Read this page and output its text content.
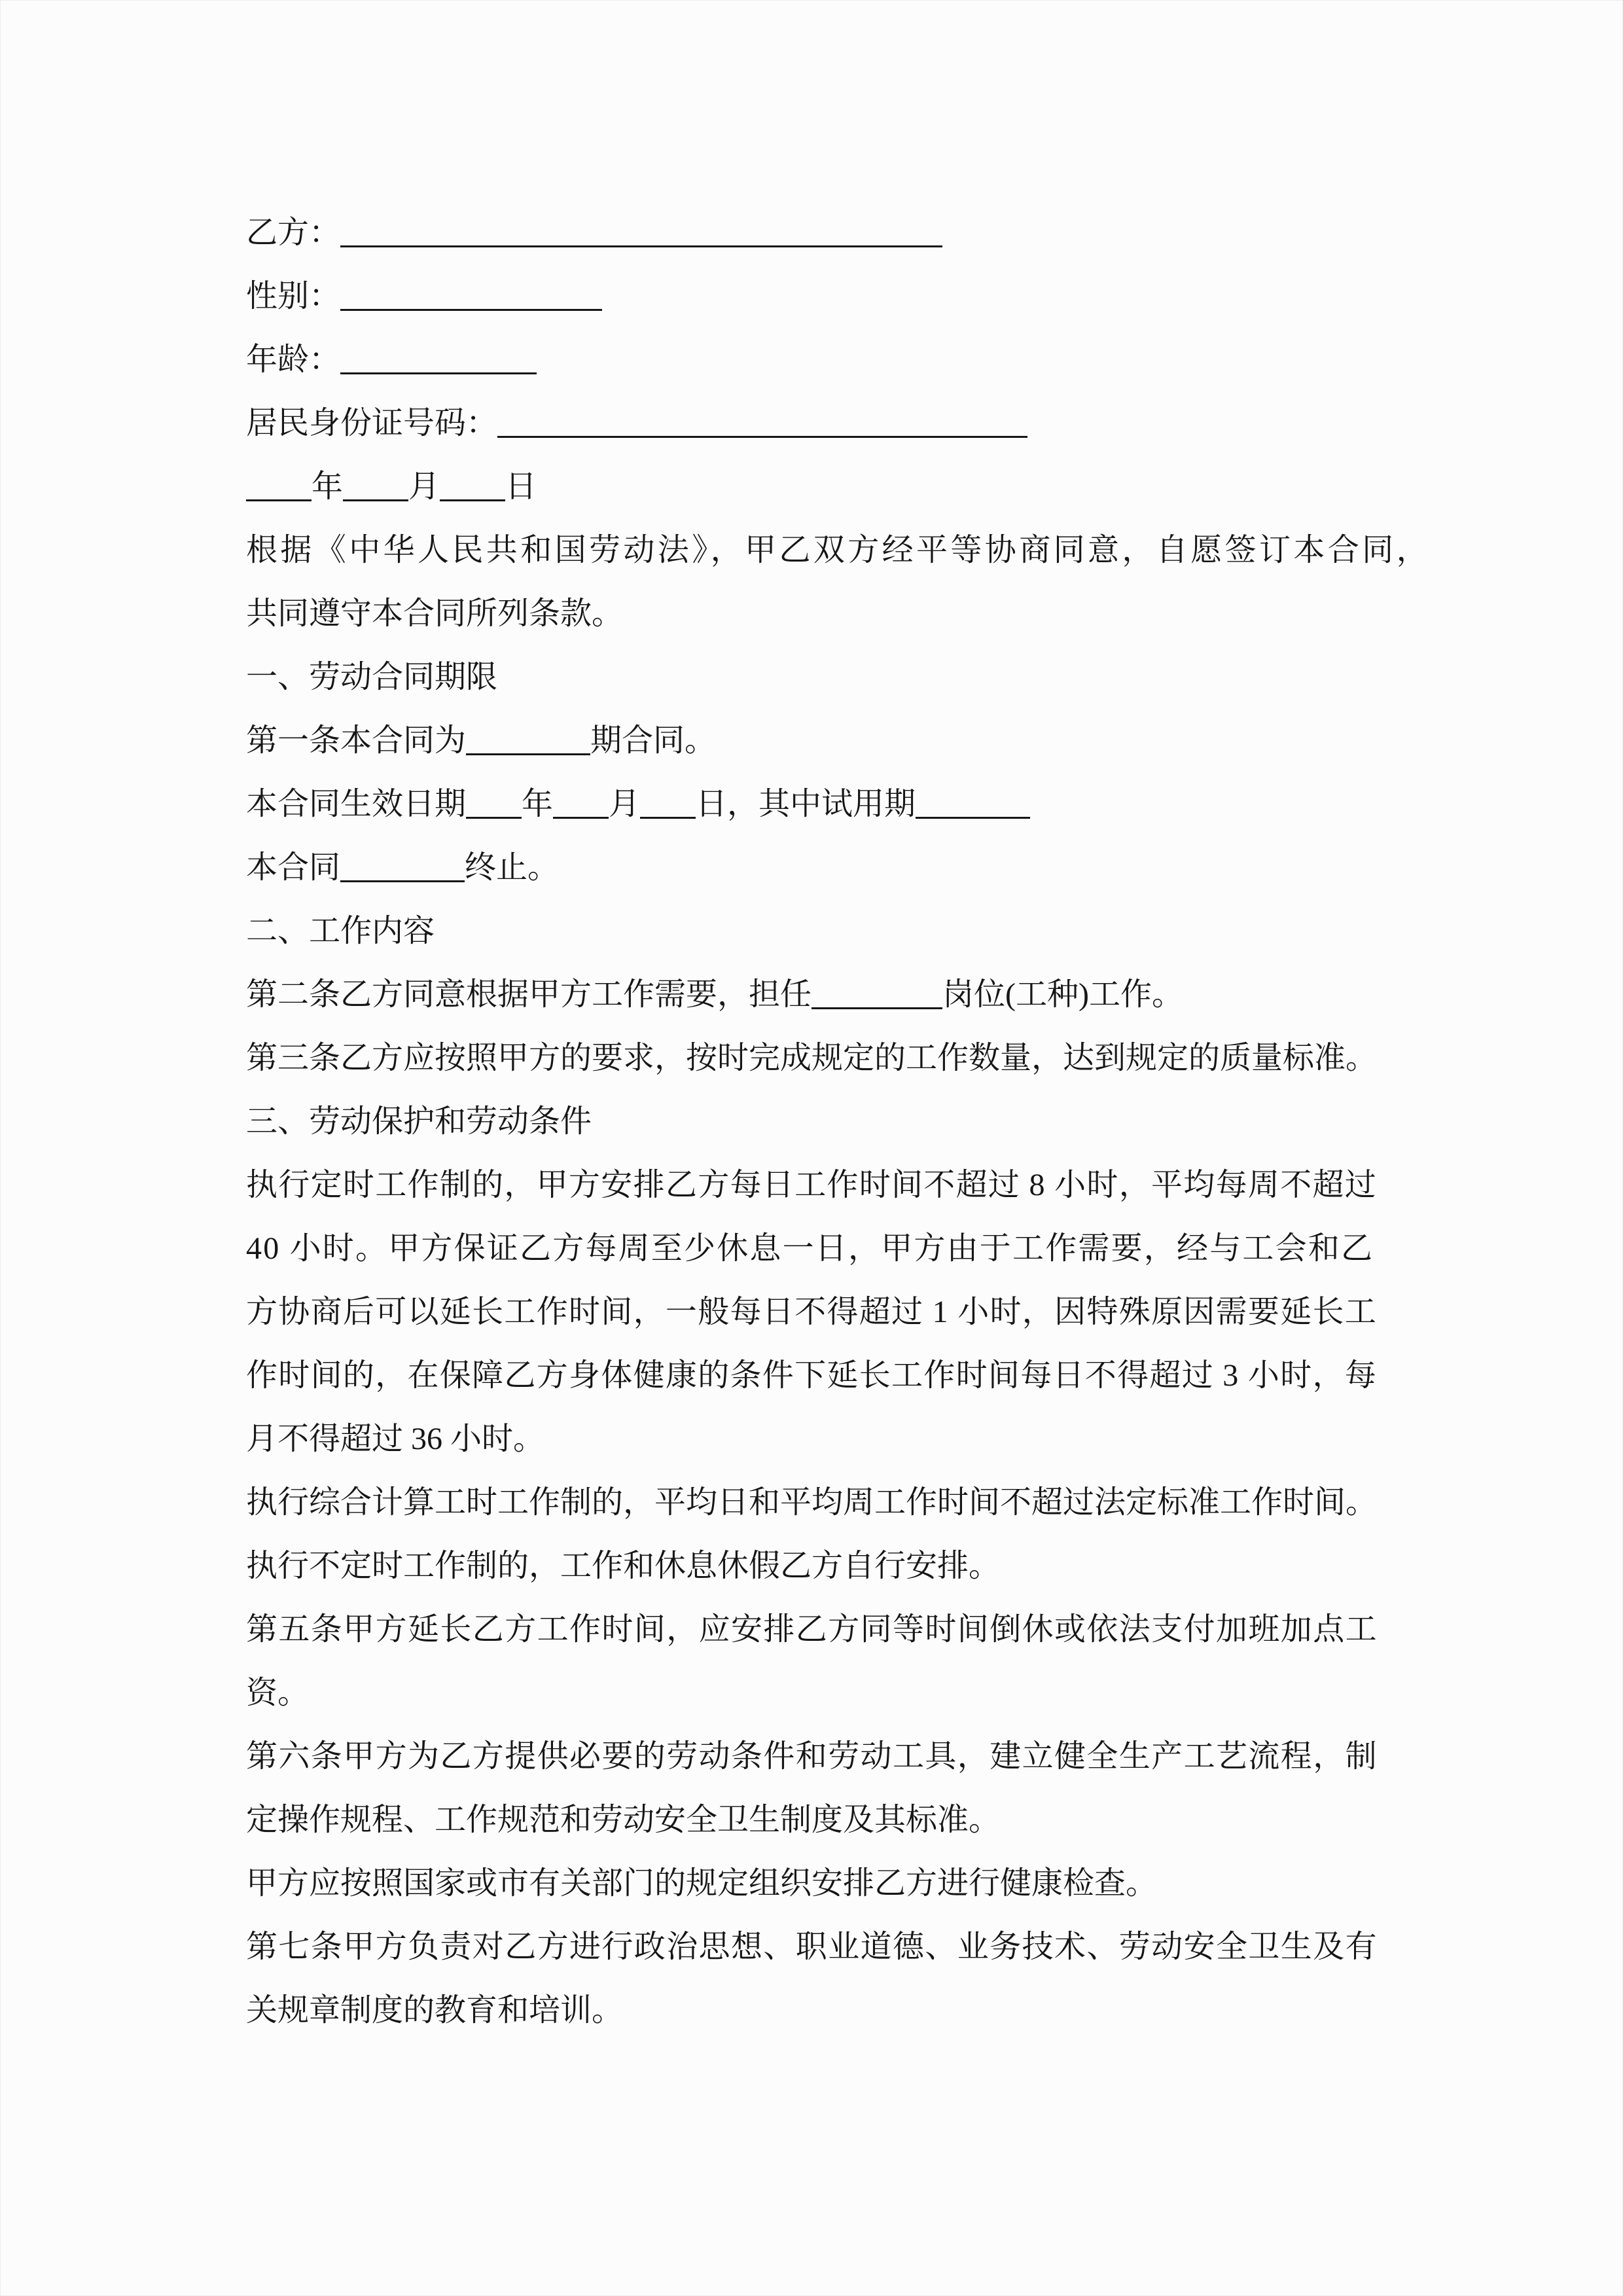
乙方：
性别：
年龄：
居民身份证号码：
年 月 日
根据《中华人民共和国劳动法》，甲乙双方经平等协商同意，自愿签订本合同，
共同遵守本合同所列条款。
一、劳动合同期限
第一条本合同为	期合同。
本合同生效日期 年 月 日，其中试用期
本合同	终止。
二、工作内容
第二条乙方同意根据甲方工作需要，担任	岗位(工种)工作。
第三条乙方应按照甲方的要求，按时完成规定的工作数量，达到规定的质量标准。
三、劳动保护和劳动条件
执行定时工作制的，甲方安排乙方每日工作时间不超过 8 小时，平均每周不超过
40 小时。甲方保证乙方每周至少休息一日，甲方由于工作需要，经与工会和乙
方协商后可以延长工作时间，一般每日不得超过 1 小时，因特殊原因需要延长工
作时间的，在保障乙方身体健康的条件下延长工作时间每日不得超过 3 小时，每
月不得超过 36 小时。
执行综合计算工时工作制的，平均日和平均周工作时间不超过法定标准工作时间。
执行不定时工作制的，工作和休息休假乙方自行安排。
第五条甲方延长乙方工作时间，应安排乙方同等时间倒休或依法支付加班加点工
资。
第六条甲方为乙方提供必要的劳动条件和劳动工具，建立健全生产工艺流程，制
定操作规程、工作规范和劳动安全卫生制度及其标准。
甲方应按照国家或市有关部门的规定组织安排乙方进行健康检查。
第七条甲方负责对乙方进行政治思想、职业道德、业务技术、劳动安全卫生及有
关规章制度的教育和培训。
